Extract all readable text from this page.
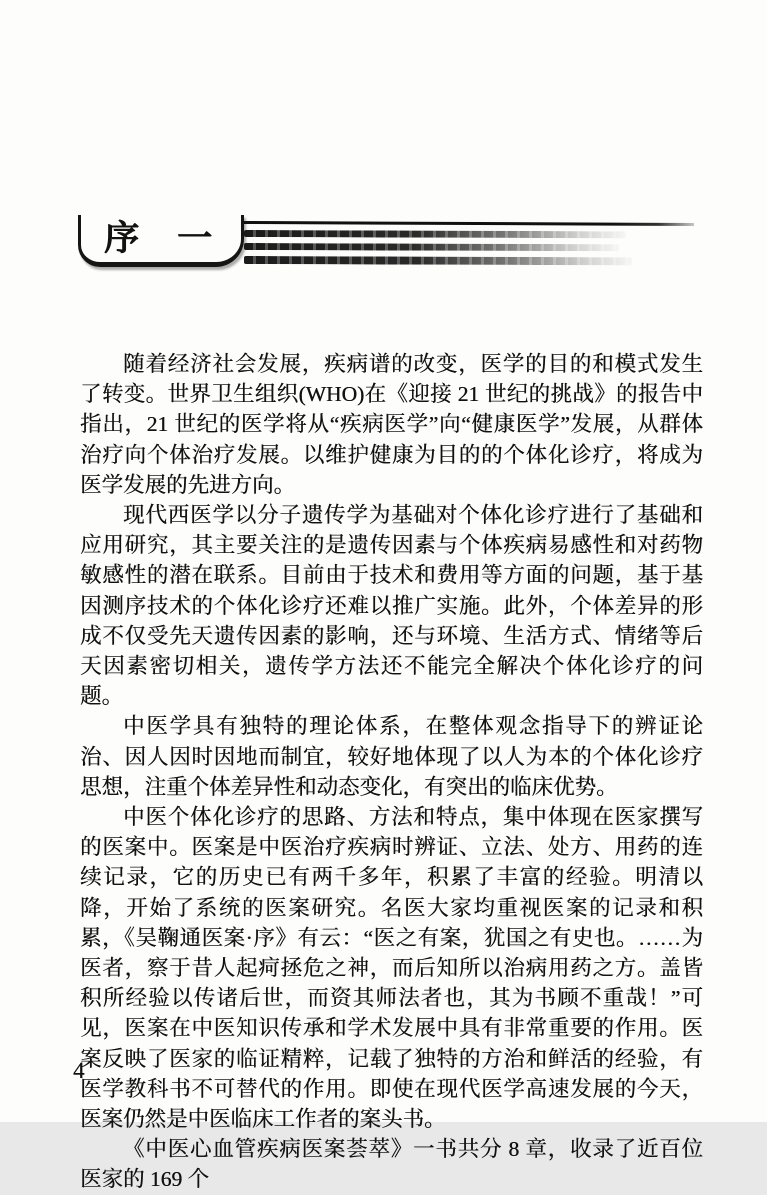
序 一

随着经济社会发展，疾病谱的改变，医学的目的和模式发生了转变。世界卫生组织(WHO)在《迎接 21 世纪的挑战》的报告中指出，21 世纪的医学将从“疾病医学”向“健康医学”发展，从群体治疗向个体治疗发展。以维护健康为目的的个体化诊疗，将成为医学发展的先进方向。

现代西医学以分子遗传学为基础对个体化诊疗进行了基础和应用研究，其主要关注的是遗传因素与个体疾病易感性和对药物敏感性的潜在联系。目前由于技术和费用等方面的问题，基于基因测序技术的个体化诊疗还难以推广实施。此外，个体差异的形成不仅受先天遗传因素的影响，还与环境、生活方式、情绪等后天因素密切相关，遗传学方法还不能完全解决个体化诊疗的问题。

中医学具有独特的理论体系，在整体观念指导下的辨证论治、因人因时因地而制宜，较好地体现了以人为本的个体化诊疗思想，注重个体差异性和动态变化，有突出的临床优势。

中医个体化诊疗的思路、方法和特点，集中体现在医家撰写的医案中。医案是中医治疗疾病时辨证、立法、处方、用药的连续记录，它的历史已有两千多年，积累了丰富的经验。明清以降，开始了系统的医案研究。名医大家均重视医案的记录和积累，《吴鞠通医案·序》有云：“医之有案，犹国之有史也。……为医者，察于昔人起疴拯危之神，而后知所以治病用药之方。盖皆积所经验以传诸后世，而资其师法者也，其为书顾不重哉！”可见，医案在中医知识传承和学术发展中具有非常重要的作用。医案反映了医家的临证精粹，记载了独特的方治和鲜活的经验，有医学教科书不可替代的作用。即使在现代医学高速发展的今天，医案仍然是中医临床工作者的案头书。

《中医心血管疾病医案荟萃》一书共分 8 章，收录了近百位医家的 169 个

4
